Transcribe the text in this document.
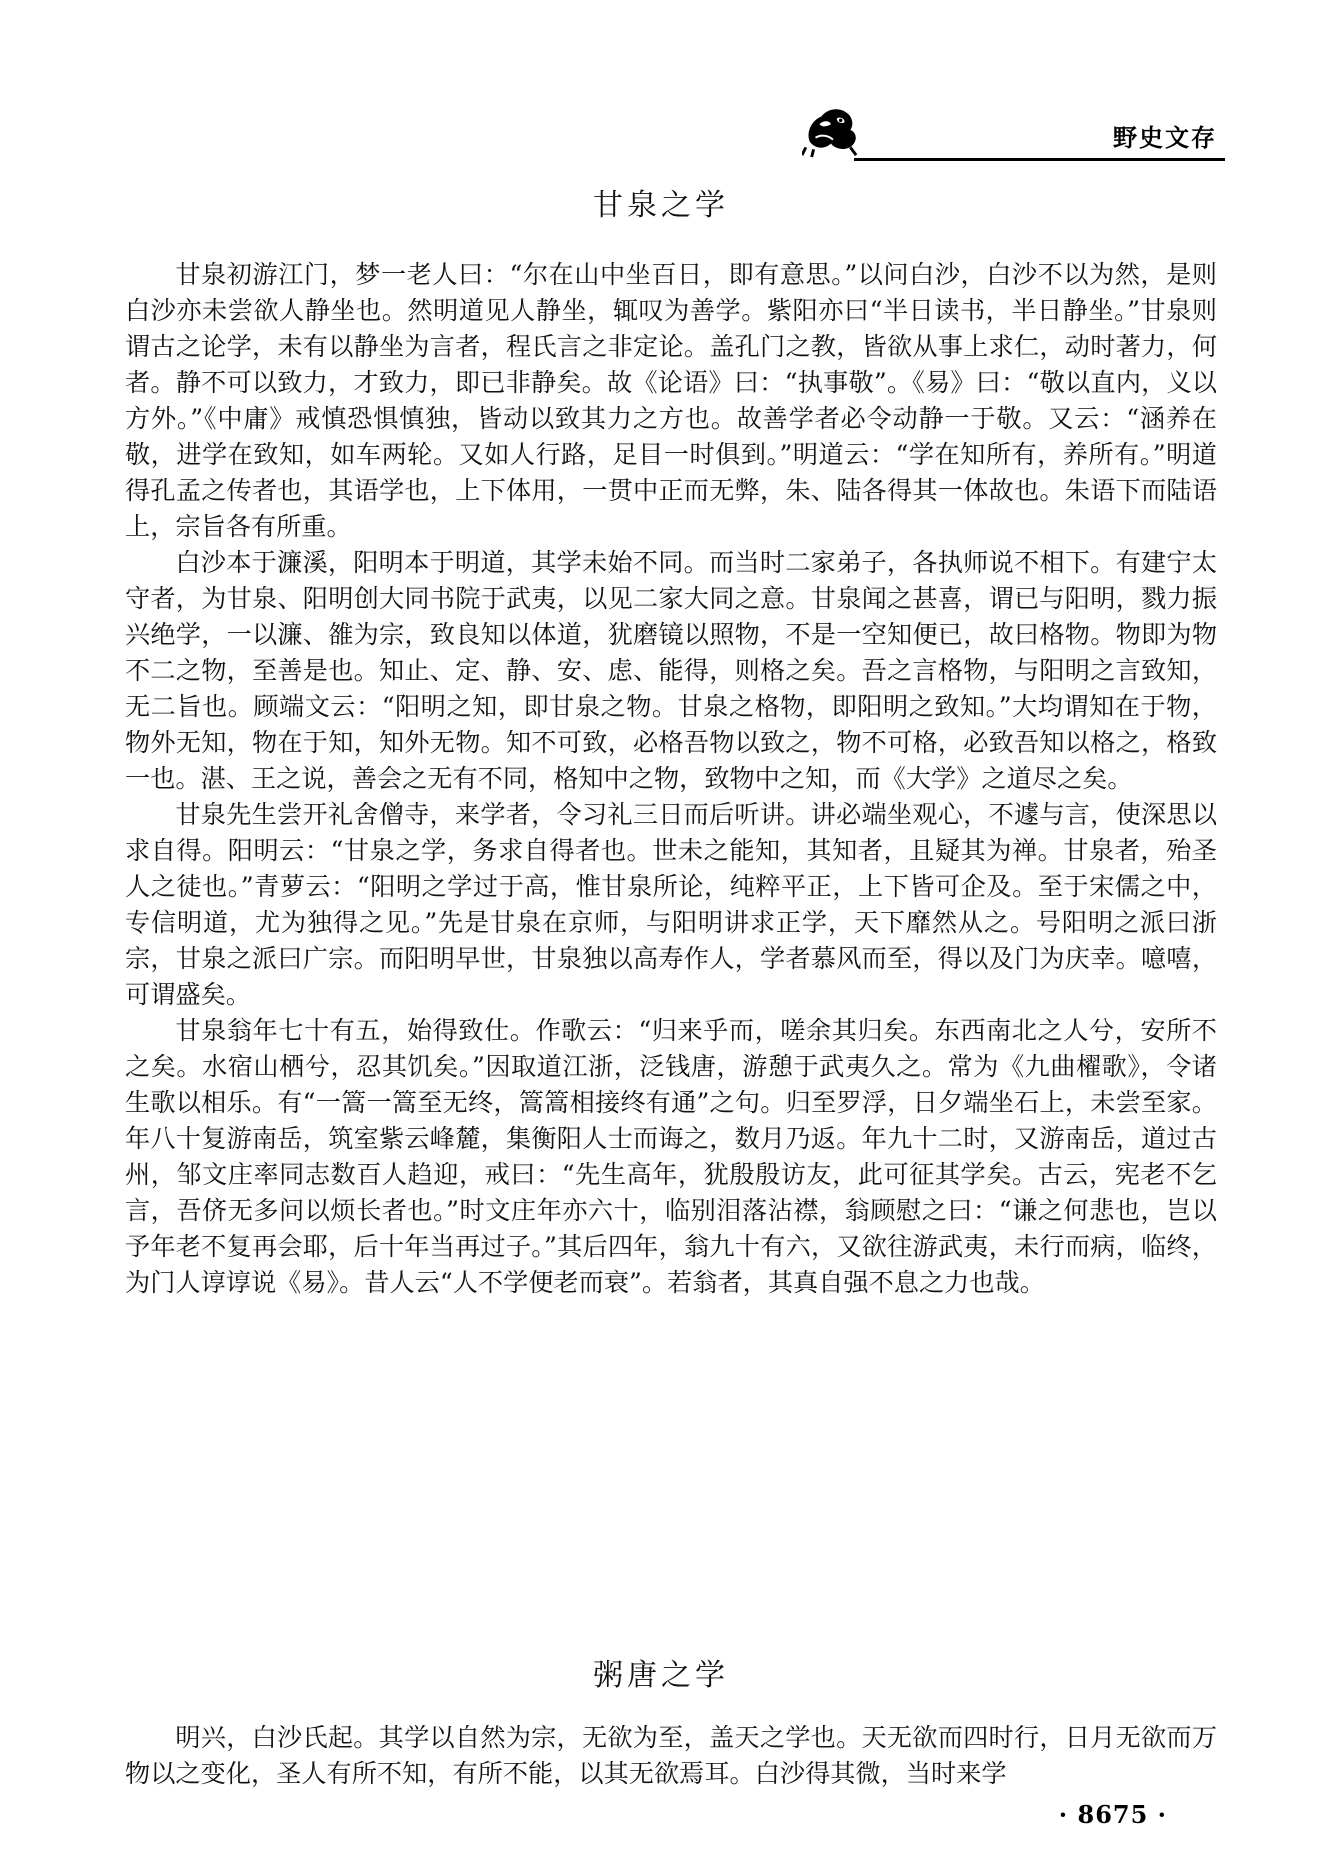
野史文存
甘泉之学

甘泉初游江门，梦一老人曰：“尔在山中坐百日，即有意思。”以问白沙，白沙不以为然，是则白沙亦未尝欲人静坐也。然明道见人静坐，辄叹为善学。紫阳亦曰“半日读书，半日静坐。”甘泉则谓古之论学，未有以静坐为言者，程氏言之非定论。盖孔门之教，皆欲从事上求仁，动时著力，何者。静不可以致力，才致力，即已非静矣。故《论语》曰：“执事敬”。《易》曰：“敬以直内，义以方外。”《中庸》戒慎恐惧慎独，皆动以致其力之方也。故善学者必令动静一于敬。又云：“涵养在敬，进学在致知，如车两轮。又如人行路，足目一时俱到。”明道云：“学在知所有，养所有。”明道得孔孟之传者也，其语学也，上下体用，一贯中正而无弊，朱、陆各得其一体故也。朱语下而陆语上，宗旨各有所重。

白沙本于濂溪，阳明本于明道，其学未始不同。而当时二家弟子，各执师说不相下。有建宁太守者，为甘泉、阳明创大同书院于武夷，以见二家大同之意。甘泉闻之甚喜，谓已与阳明，戮力振兴绝学，一以濂、雒为宗，致良知以体道，犹磨镜以照物，不是一空知便已，故曰格物。物即为物不二之物，至善是也。知止、定、静、安、虑、能得，则格之矣。吾之言格物，与阳明之言致知，无二旨也。顾端文云：“阳明之知，即甘泉之物。甘泉之格物，即阳明之致知。”大均谓知在于物，物外无知，物在于知，知外无物。知不可致，必格吾物以致之，物不可格，必致吾知以格之，格致一也。湛、王之说，善会之无有不同，格知中之物，致物中之知，而《大学》之道尽之矣。

甘泉先生尝开礼舍僧寺，来学者，令习礼三日而后听讲。讲必端坐观心，不遽与言，使深思以求自得。阳明云：“甘泉之学，务求自得者也。世未之能知，其知者，且疑其为禅。甘泉者，殆圣人之徒也。”青萝云：“阳明之学过于高，惟甘泉所论，纯粹平正，上下皆可企及。至于宋儒之中，专信明道，尤为独得之见。”先是甘泉在京师，与阳明讲求正学，天下靡然从之。号阳明之派曰浙宗，甘泉之派曰广宗。而阳明早世，甘泉独以高寿作人，学者慕风而至，得以及门为庆幸。噫嘻，可谓盛矣。

甘泉翁年七十有五，始得致仕。作歌云：“归来乎而，嗟余其归矣。东西南北之人兮，安所不之矣。水宿山栖兮，忍其饥矣。”因取道江浙，泛钱唐，游憩于武夷久之。常为《九曲櫂歌》，令诸生歌以相乐。有“一篙一篙至无终，篙篙相接终有通”之句。归至罗浮，日夕端坐石上，未尝至家。年八十复游南岳，筑室紫云峰麓，集衡阳人士而诲之，数月乃返。年九十二时，又游南岳，道过古州，邹文庄率同志数百人趋迎，戒曰：“先生高年，犹殷殷访友，此可征其学矣。古云，宪老不乞言，吾侪无多问以烦长者也。”时文庄年亦六十，临别泪落沾襟，翁顾慰之曰：“谦之何悲也，岂以予年老不复再会耶，后十年当再过子。”其后四年，翁九十有六，又欲往游武夷，未行而病，临终，为门人谆谆说《易》。昔人云“人不学便老而衰”。若翁者，其真自强不息之力也哉。

粥唐之学

明兴，白沙氏起。其学以自然为宗，无欲为至，盖天之学也。天无欲而四时行，日月无欲而万物以之变化，圣人有所不知，有所不能，以其无欲焉耳。白沙得其微，当时来学

· 8675 ·
